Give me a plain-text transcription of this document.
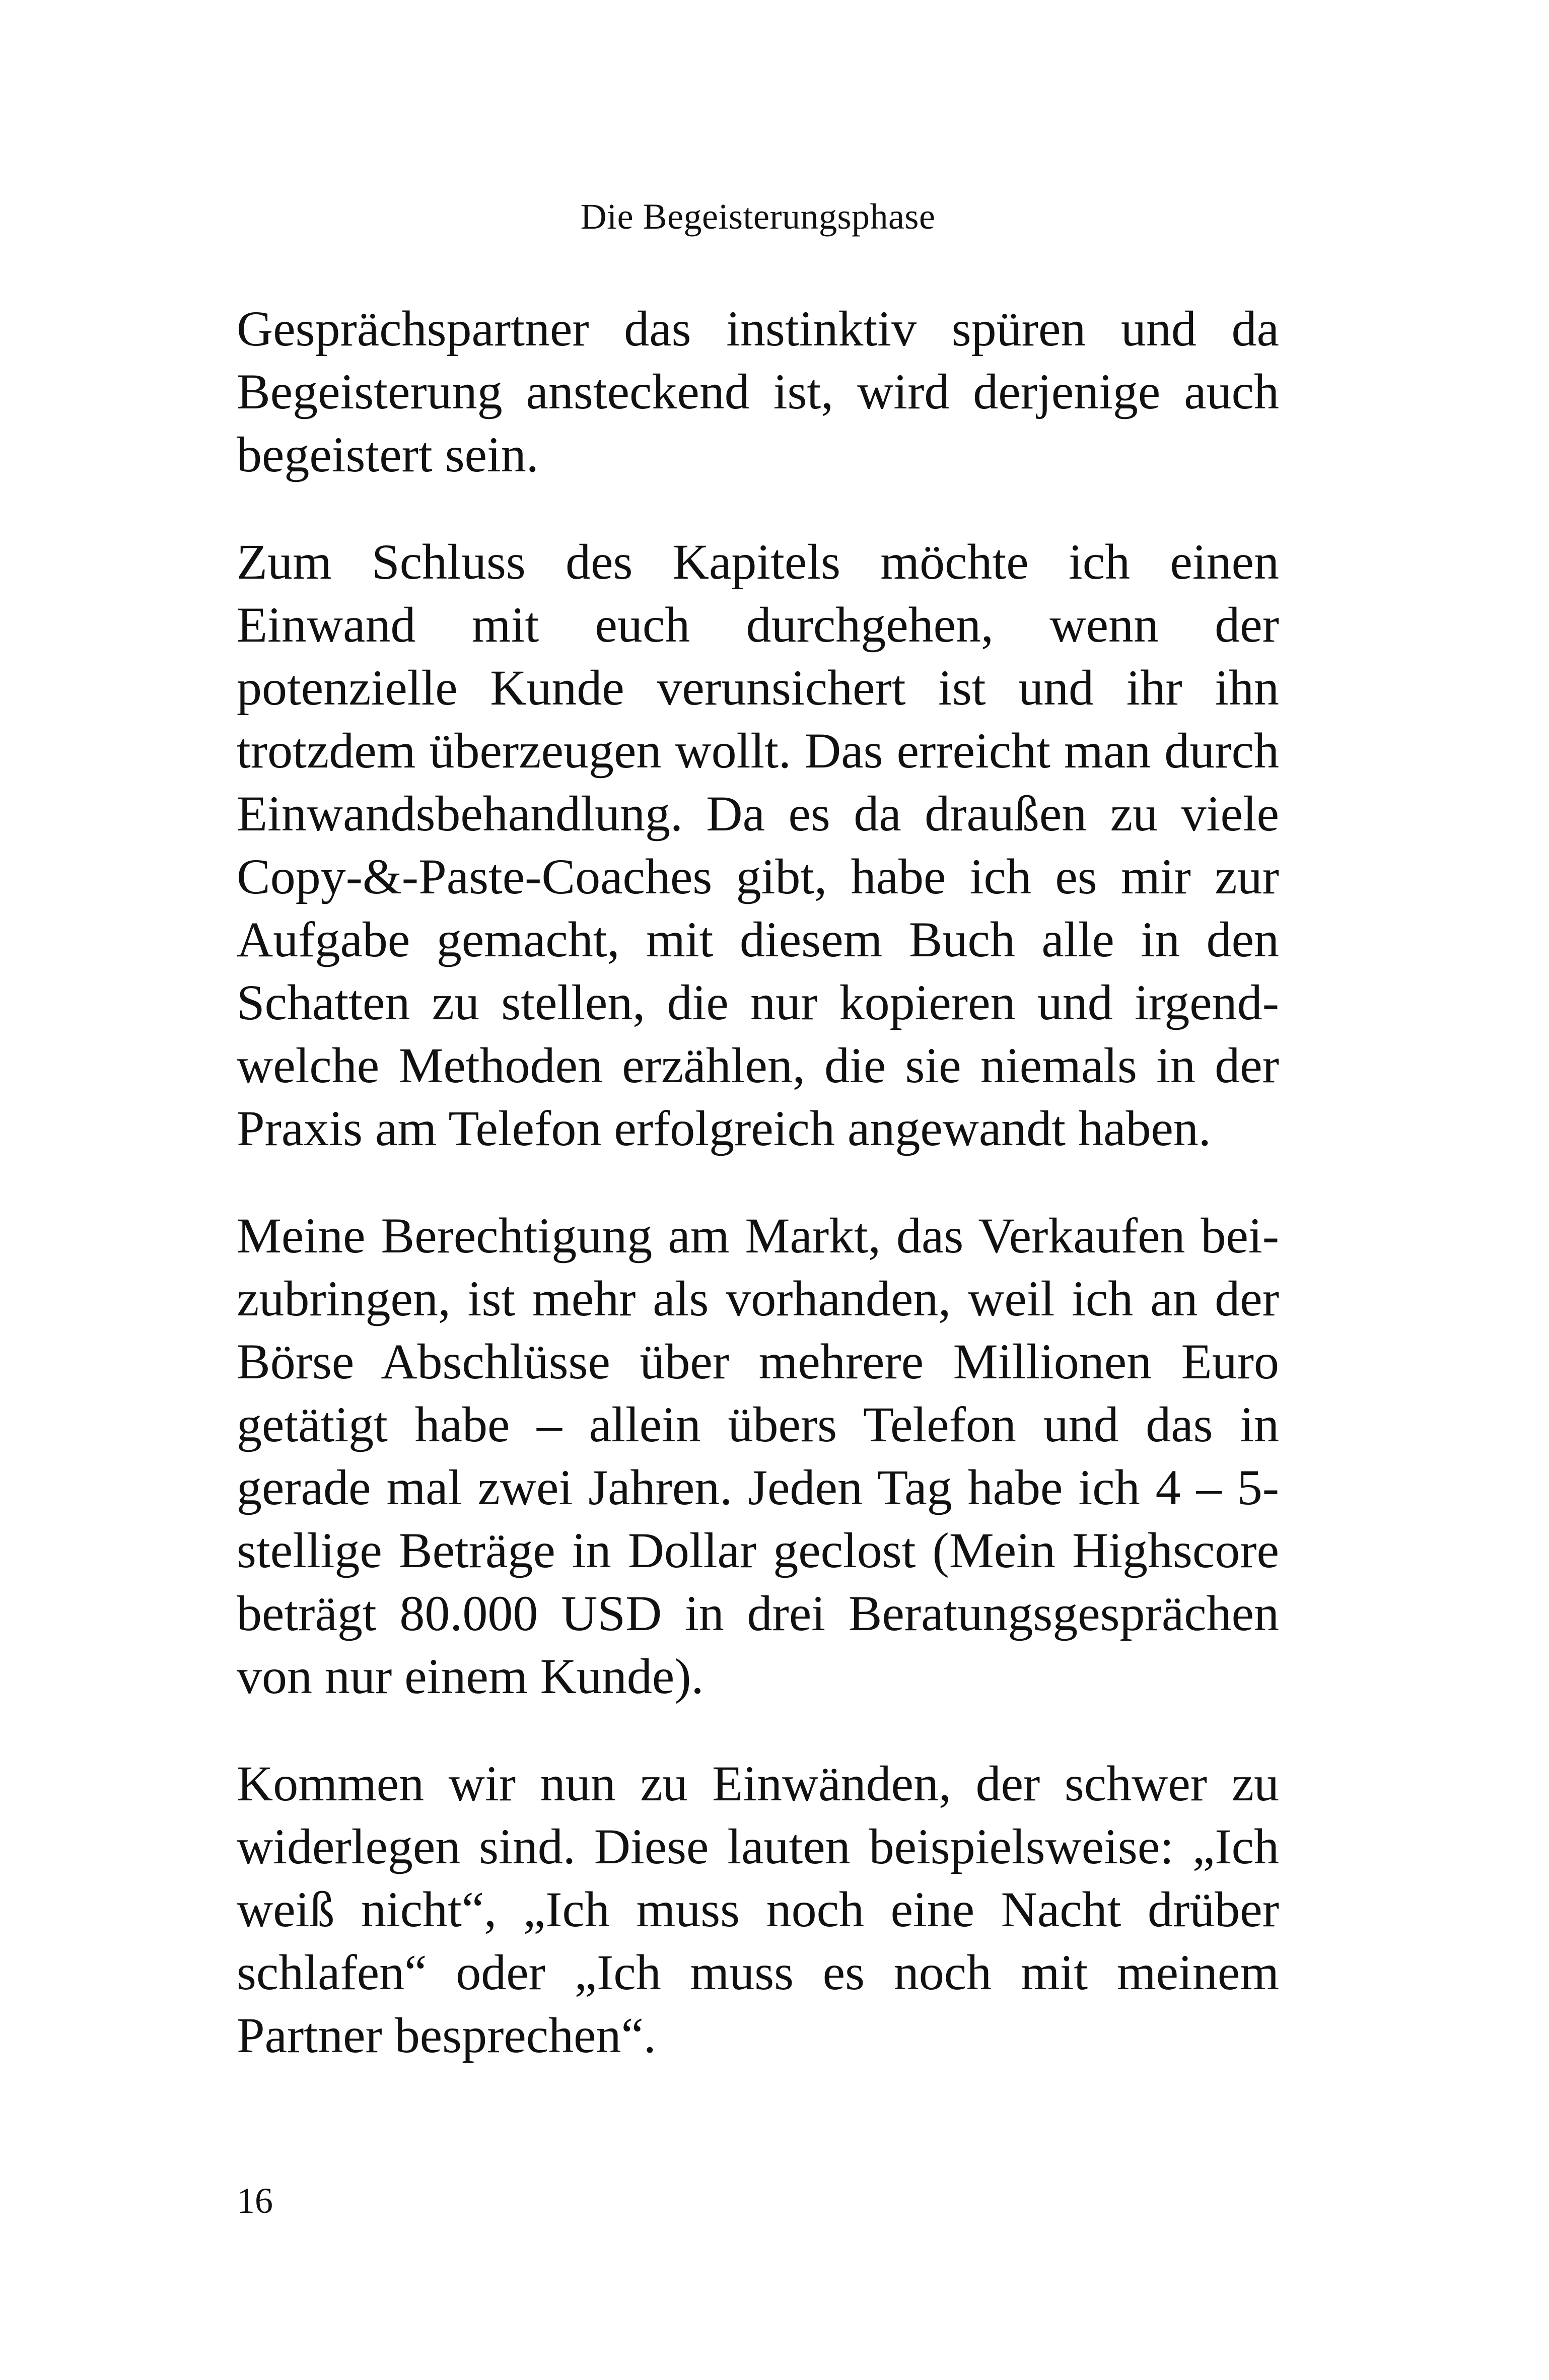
Die Begeisterungsphase

Gesprächspartner das instinktiv spüren und da Begeisterung ansteckend ist, wird derjenige auch begeistert sein.

Zum Schluss des Kapitels möchte ich einen Einwand mit euch durchgehen, wenn der potenzielle Kunde verunsichert ist und ihr ihn trotzdem überzeugen wollt. Das erreicht man durch Einwandsbehandlung. Da es da draußen zu viele Copy-&-Paste-Coaches gibt, habe ich es mir zur Aufgabe gemacht, mit diesem Buch alle in den Schatten zu stellen, die nur kopieren und irgendwelche Methoden erzählen, die sie niemals in der Praxis am Telefon erfolgreich angewandt haben.

Meine Berechtigung am Markt, das Verkaufen beizubringen, ist mehr als vorhanden, weil ich an der Börse Abschlüsse über mehrere Millionen Euro getätigt habe – allein übers Telefon und das in gerade mal zwei Jahren. Jeden Tag habe ich 4 – 5-stellige Beträge in Dollar geclost (Mein Highscore beträgt 80.000 USD in drei Beratungsgesprächen von nur einem Kunde).

Kommen wir nun zu Einwänden, der schwer zu widerlegen sind. Diese lauten beispielsweise: „Ich weiß nicht“, „Ich muss noch eine Nacht drüber schlafen“ oder „Ich muss es noch mit meinem Partner besprechen“.

16
